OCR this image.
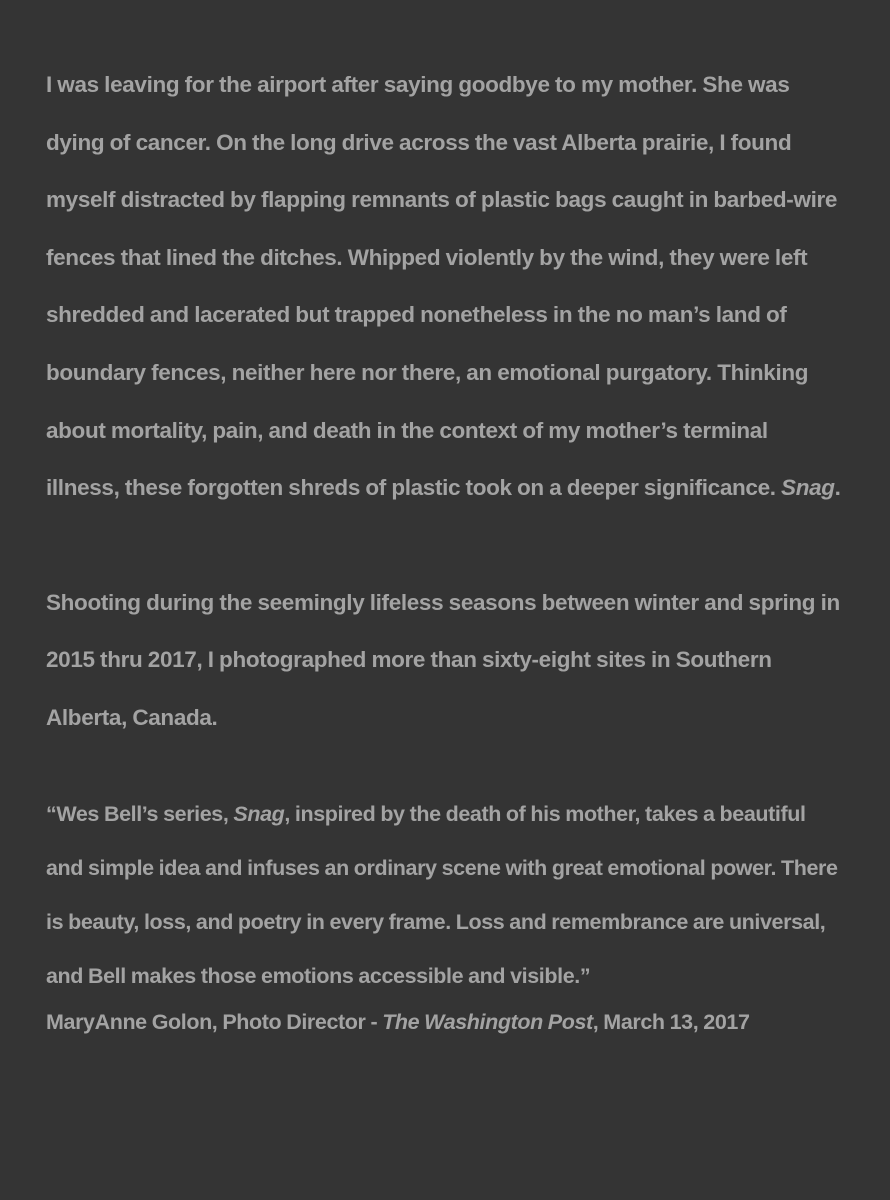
I was leaving for the airport after saying goodbye to my mother. She was dying of cancer. On the long drive across the vast Alberta prairie, I found myself distracted by flapping remnants of plastic bags caught in barbed-wire fences that lined the ditches. Whipped violently by the wind, they were left shredded and lacerated but trapped nonetheless in the no man’s land of boundary fences, neither here nor there, an emotional purgatory. Thinking about mortality, pain, and death in the context of my mother’s terminal illness, these forgotten shreds of plastic took on a deeper significance. Snag.

Shooting during the seemingly lifeless seasons between winter and spring in 2015 thru 2017, I photographed more than sixty-eight sites in Southern Alberta, Canada.

“Wes Bell’s series, Snag, inspired by the death of his mother, takes a beautiful and simple idea and infuses an ordinary scene with great emotional power. There is beauty, loss, and poetry in every frame. Loss and remembrance are universal, and Bell makes those emotions accessible and visible.”

MaryAnne Golon, Photo Director - The Washington Post, March 13, 2017
